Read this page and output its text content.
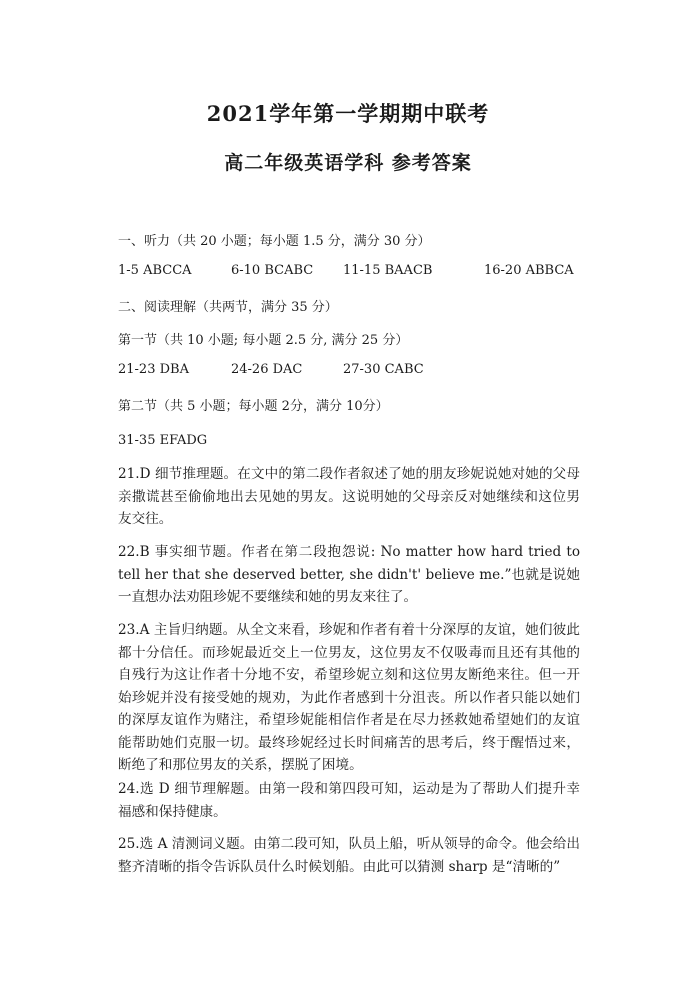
2021学年第一学期期中联考
高二年级英语学科 参考答案
一、听力（共 20 小题；每小题 1.5 分，满分 30 分）
1-5 ABCCA	6-10 BCABC 11-15 BAACB	16-20 ABBCA
二、阅读理解（共两节，满分 35 分）
第一节（共 10 小题; 每小题 2.5 分, 满分 25 分）
21-23 DBA	24-26 DAC	27-30 CABC
第二节（共 5 小题；每小题 2分，满分 10分）
31-35 EFADG
21.D 细节推理题。在文中的第二段作者叙述了她的朋友珍妮说她对她的父母亲撒谎甚至偷偷地出去见她的男友。这说明她的父母亲反对她继续和这位男友交往。
22.B 事实细节题。作者在第二段抱怨说: No matter how hard tried to tell her that she deserved better, she didn't' believe me.”也就是说她一直想办法劝阻珍妮不要继续和她的男友来往了。
23.A 主旨归纳题。从全文来看，珍妮和作者有着十分深厚的友谊，她们彼此都十分信任。而珍妮最近交上一位男友，这位男友不仅吸毒而且还有其他的自残行为这让作者十分地不安，希望珍妮立刻和这位男友断绝来往。但一开始珍妮并没有接受她的规劝，为此作者感到十分沮丧。所以作者只能以她们的深厚友谊作为赌注，希望珍妮能相信作者是在尽力拯救她希望她们的友谊能帮助她们克服一切。最终珍妮经过长时间痛苦的思考后，终于醒悟过来，断绝了和那位男友的关系，摆脱了困境。
24.选 D 细节理解题。由第一段和第四段可知，运动是为了帮助人们提升幸福感和保持健康。
25.选 A 清测词义题。由第二段可知，队员上船，听从领导的命令。他会给出整齐清晰的指令告诉队员什么时候划船。由此可以猜测 sharp 是“清晰的”
